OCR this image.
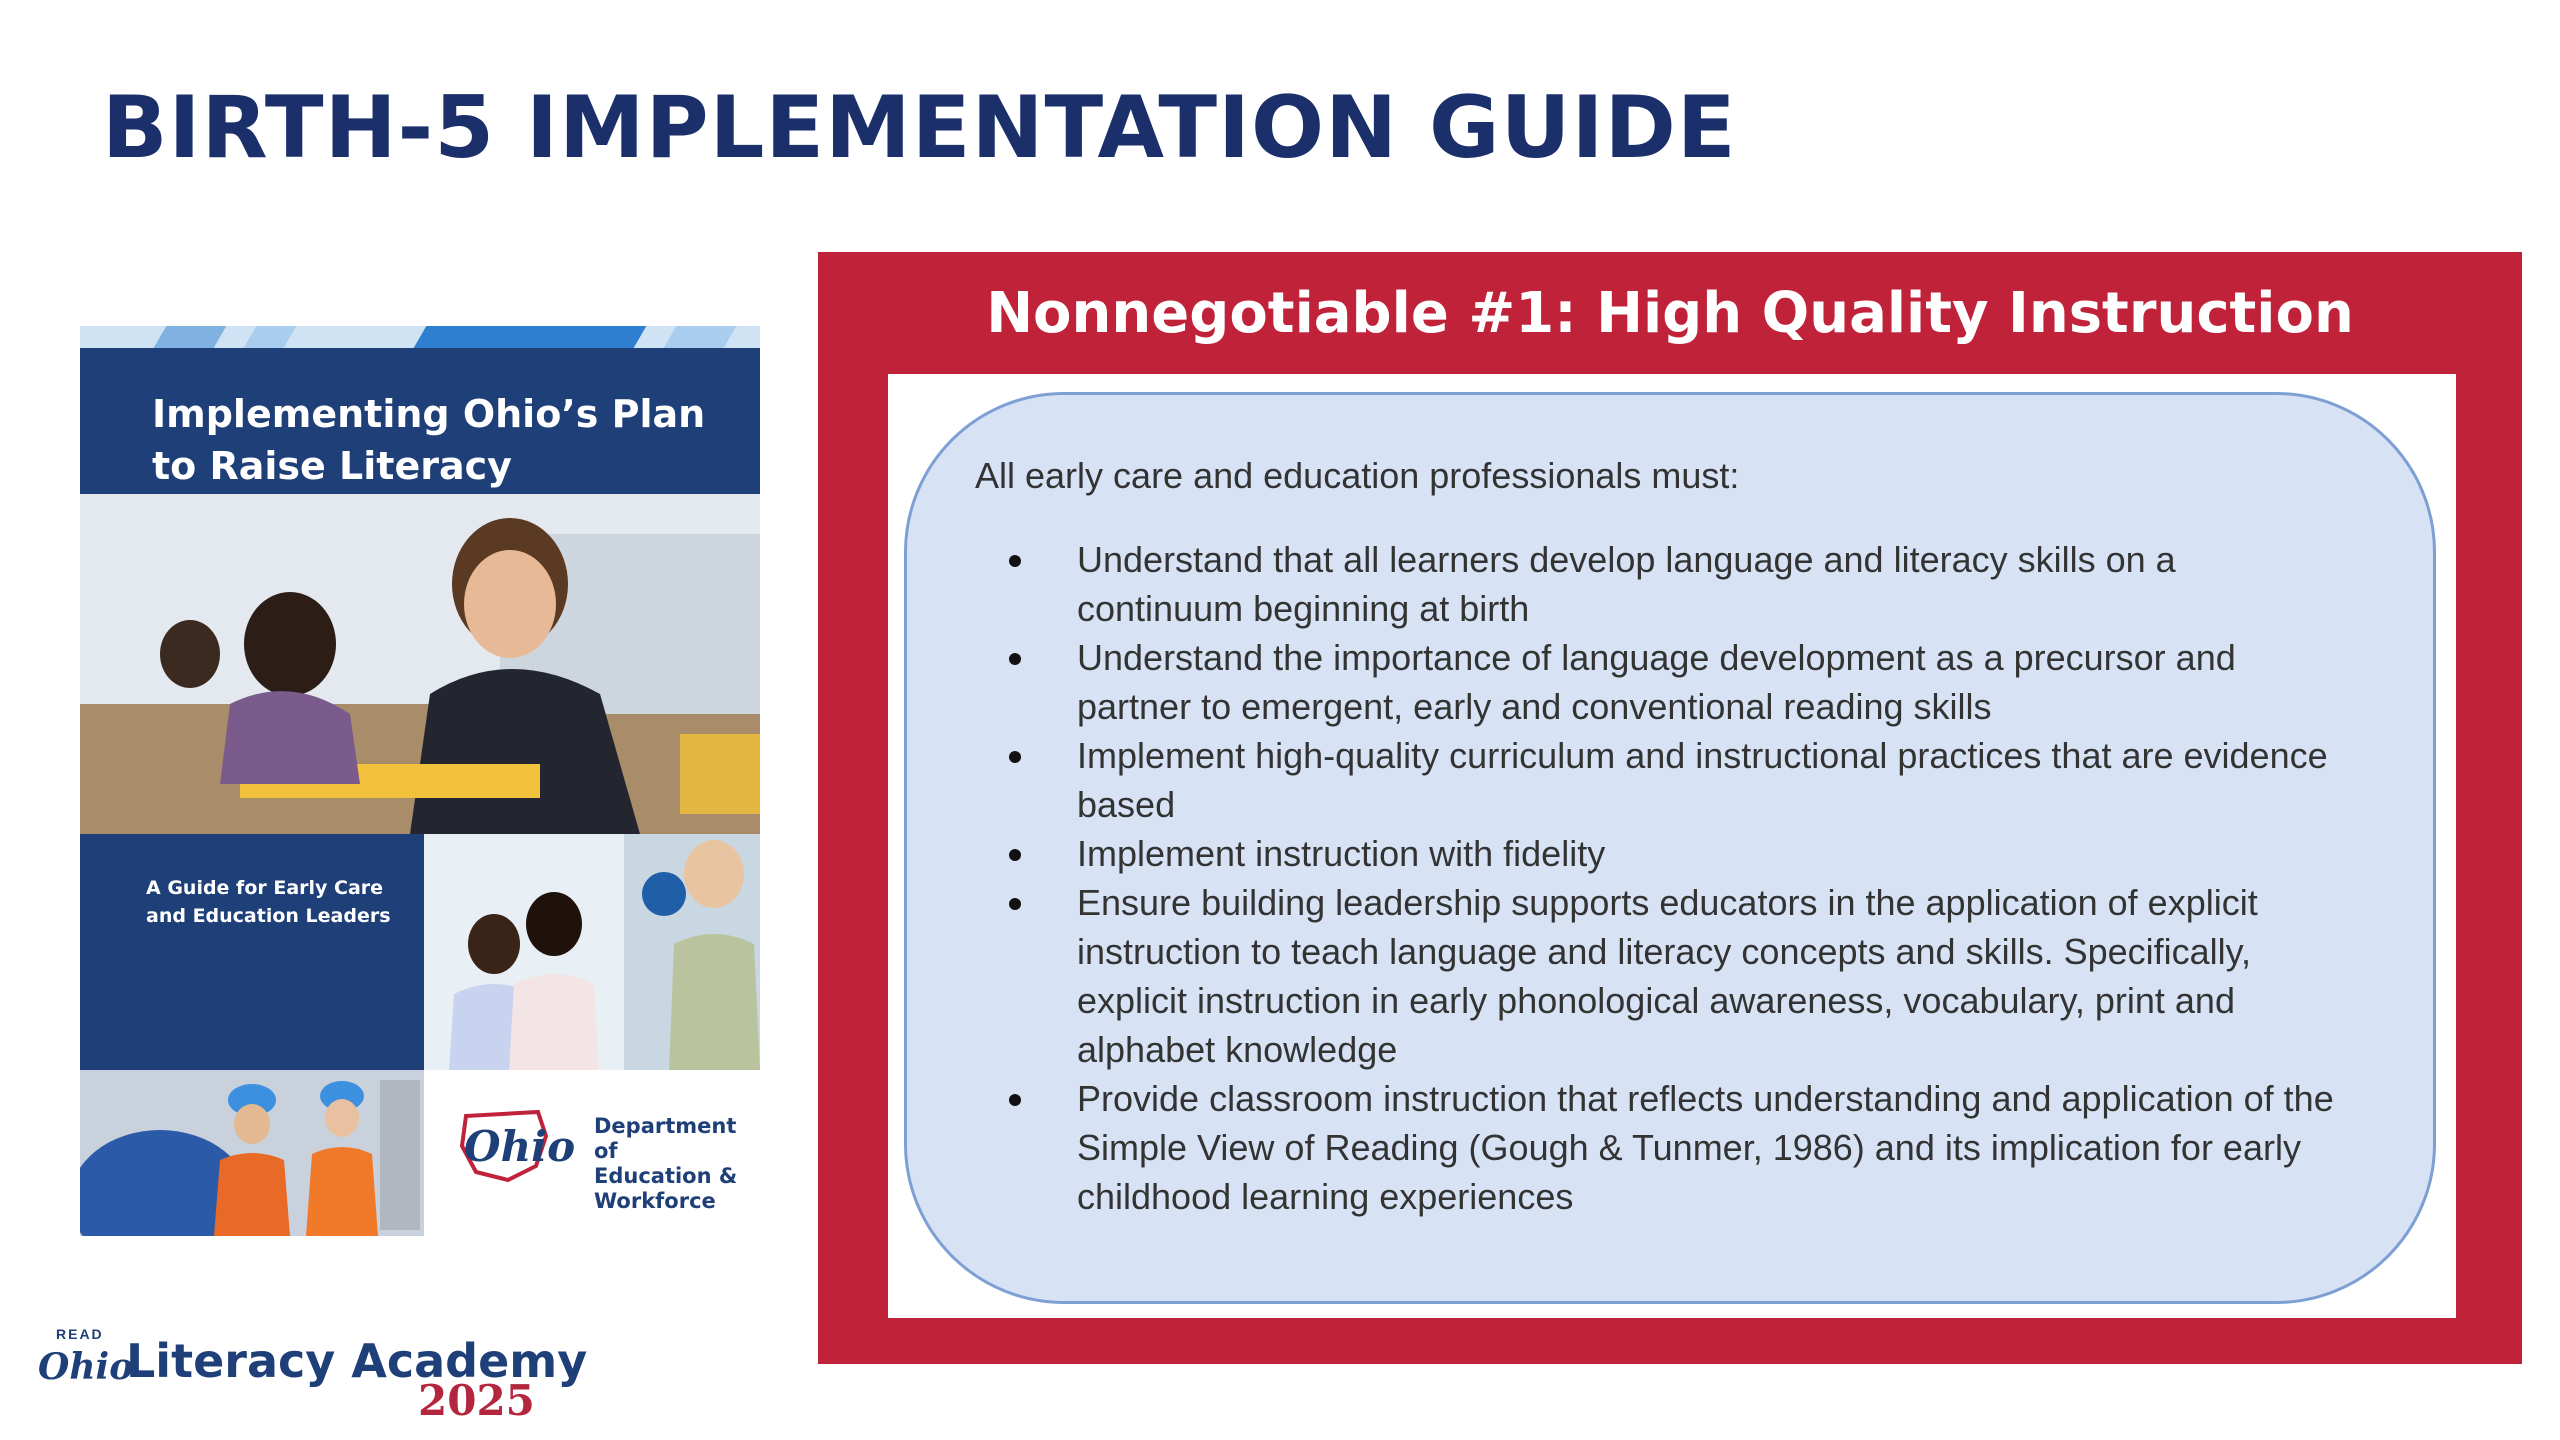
BIRTH-5 IMPLEMENTATION GUIDE
Implementing Ohio’s Plan to Raise Literacy
A Guide for Early Care and Education Leaders
Ohio Department of
Education &
Workforce
Nonnegotiable #1: High Quality Instruction
All early care and education professionals must:
Understand that all learners develop language and literacy skills on a continuum beginning at birth
Understand the importance of language development as a precursor and partner to emergent, early and conventional reading skills
Implement high-quality curriculum and instructional practices that are evidence based
Implement instruction with fidelity
Ensure building leadership supports educators in the application of explicit instruction to teach language and literacy concepts and skills. Specifically, explicit instruction in early phonological awareness, vocabulary, print and alphabet knowledge
Provide classroom instruction that reflects understanding and application of the Simple View of Reading (Gough & Tunmer, 1986) and its implication for early childhood learning experiences
READ
Ohio
Literacy Academy
2025
